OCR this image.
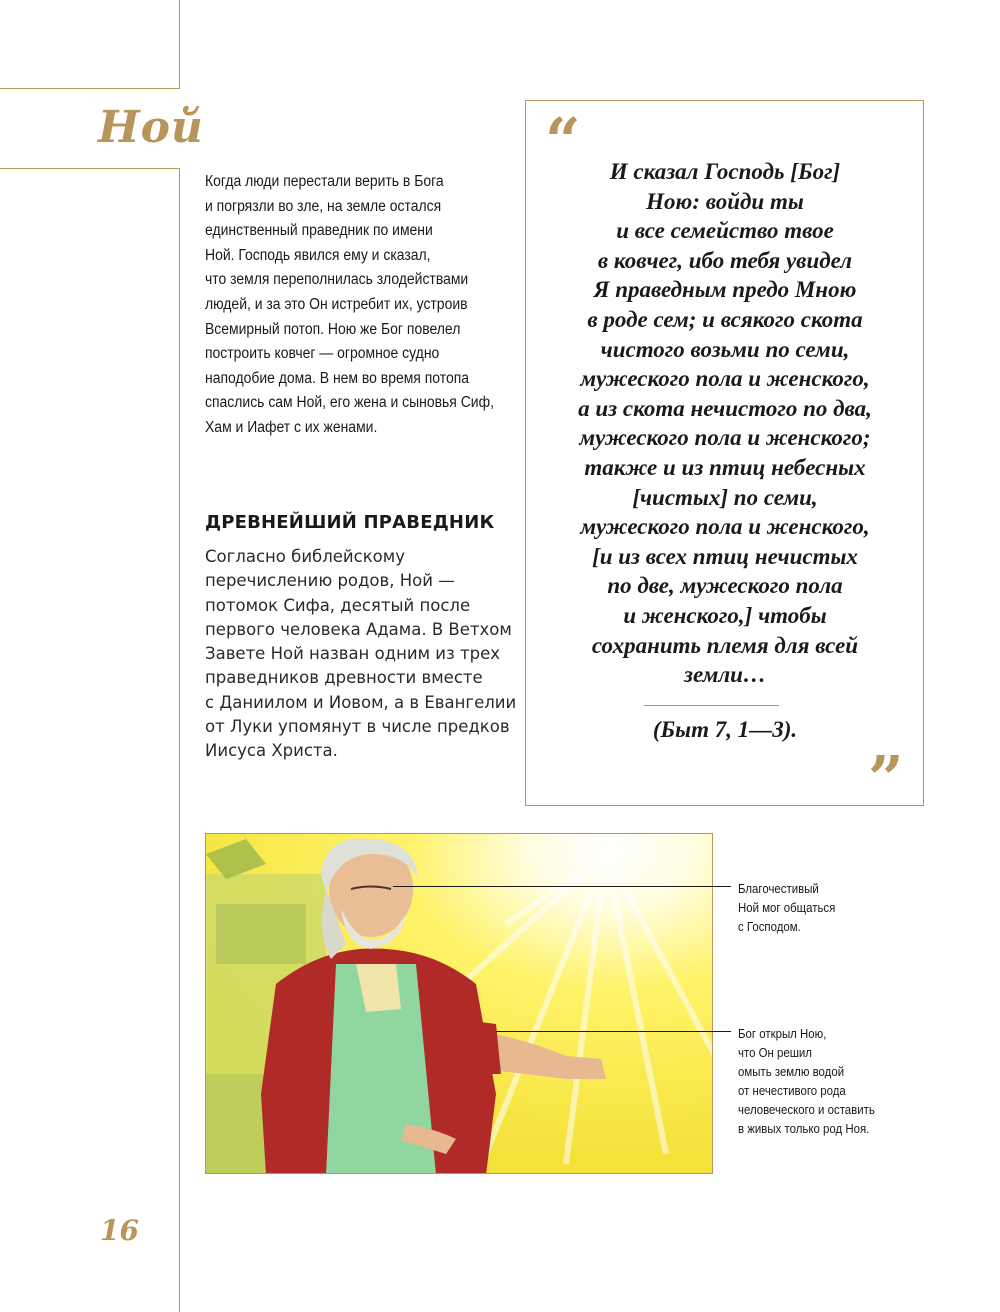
Ной
Когда люди перестали верить в Бога
и погрязли во зле, на земле остался
единственный праведник по имени
Ной. Господь явился ему и сказал,
что земля переполнилась злодействами
людей, и за это Он истребит их, устроив
Всемирный потоп. Ною же Бог повелел
построить ковчег — огромное судно
наподобие дома. В нем во время потопа
спаслись сам Ной, его жена и сыновья Сиф,
Хам и Иафет с их женами.
ДРЕВНЕЙШИЙ ПРАВЕДНИК
Согласно библейскому
перечислению родов, Ной —
потомок Сифа, десятый после
первого человека Адама. В Ветхом
Завете Ной назван одним из трех
праведников древности вместе
с Даниилом и Иовом, а в Евангелии
от Луки упомянут в числе предков
Иисуса Христа.
“	И сказал Господь [Бог]
Ною: войди ты
и все семейство твое
в ковчег, ибо тебя увидел
Я праведным предо Мною
в роде сем; и всякого скота
чистого возьми по семи,
мужеского пола и женского,
а из скота нечистого по два,
мужеского пола и женского;
также и из птиц небесных
[чистых] по семи,
мужеского пола и женского,
[и из всех птиц нечистых
по две, мужеского пола
и женского,] чтобы
сохранить племя для всей
земли…
(Быт 7, 1—3).
”
Благочестивый
Ной мог общаться
с Господом.
Бог открыл Ною,
что Он решил
омыть землю водой
от нечестивого рода
человеческого и оставить
в живых только род Ноя.
16
